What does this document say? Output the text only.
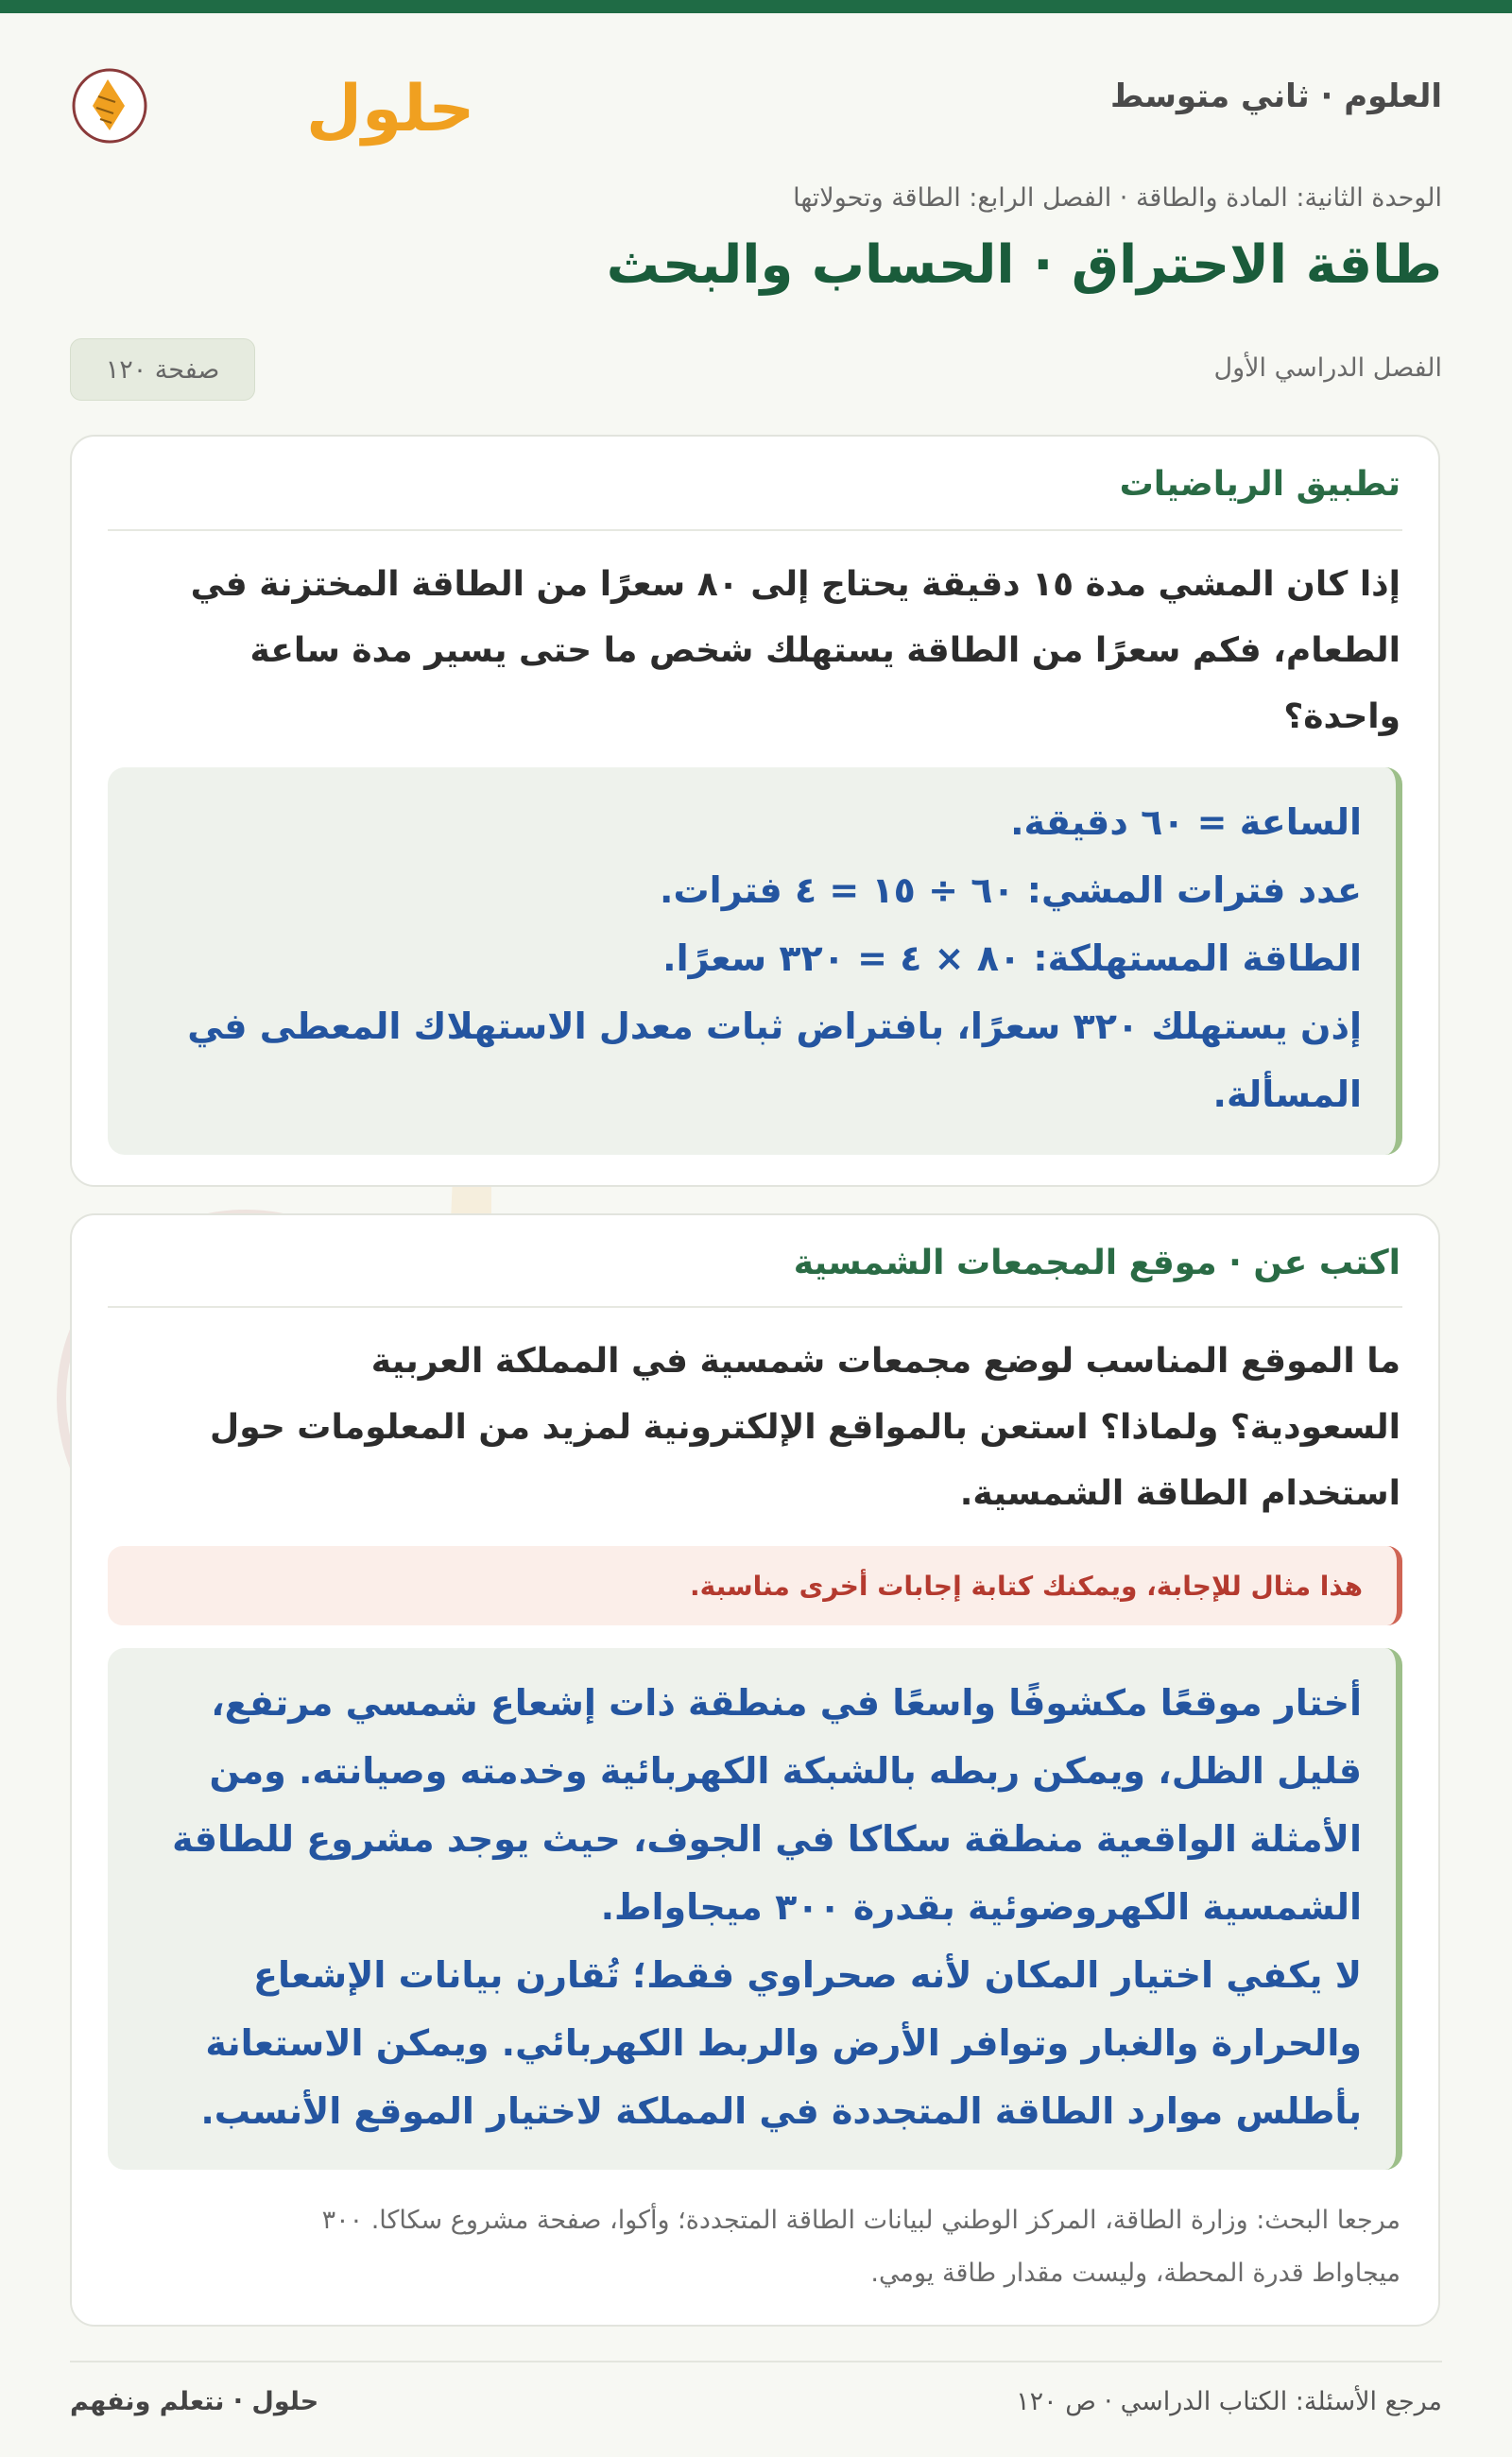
العلوم · ثاني متوسط
حلول
الوحدة الثانية: المادة والطاقة · الفصل الرابع: الطاقة وتحولاتها
طاقة الاحتراق · الحساب والبحث
الفصل الدراسي الأول
صفحة ١٢٠
تطبيق الرياضيات
إذا كان المشي مدة ١٥ دقيقة يحتاج إلى ٨٠ سعرًا من الطاقة المختزنة في
الطعام، فكم سعرًا من الطاقة يستهلك شخص ما حتى يسير مدة ساعة
واحدة؟
الساعة = ٦٠ دقيقة.
عدد فترات المشي: ٦٠ ÷ ١٥ = ٤ فترات.
الطاقة المستهلكة: ٨٠ × ٤ = ٣٢٠ سعرًا.
إذن يستهلك ٣٢٠ سعرًا، بافتراض ثبات معدل الاستهلاك المعطى في
المسألة.
اكتب عن · موقع المجمعات الشمسية
ما الموقع المناسب لوضع مجمعات شمسية في المملكة العربية
السعودية؟ ولماذا؟ استعن بالمواقع الإلكترونية لمزيد من المعلومات حول
استخدام الطاقة الشمسية.
هذا مثال للإجابة، ويمكنك كتابة إجابات أخرى مناسبة.
أختار موقعًا مكشوفًا واسعًا في منطقة ذات إشعاع شمسي مرتفع،
قليل الظل، ويمكن ربطه بالشبكة الكهربائية وخدمته وصيانته. ومن
الأمثلة الواقعية منطقة سكاكا في الجوف، حيث يوجد مشروع للطاقة
الشمسية الكهروضوئية بقدرة ٣٠٠ ميجاواط.
لا يكفي اختيار المكان لأنه صحراوي فقط؛ تُقارن بيانات الإشعاع
والحرارة والغبار وتوافر الأرض والربط الكهربائي. ويمكن الاستعانة
بأطلس موارد الطاقة المتجددة في المملكة لاختيار الموقع الأنسب.
مرجعا البحث: وزارة الطاقة، المركز الوطني لبيانات الطاقة المتجددة؛ وأكوا، صفحة مشروع سكاكا. ٣٠٠
ميجاواط قدرة المحطة، وليست مقدار طاقة يومي.
مرجع الأسئلة: الكتاب الدراسي · ص ١٢٠
حلول · نتعلم ونفهم
